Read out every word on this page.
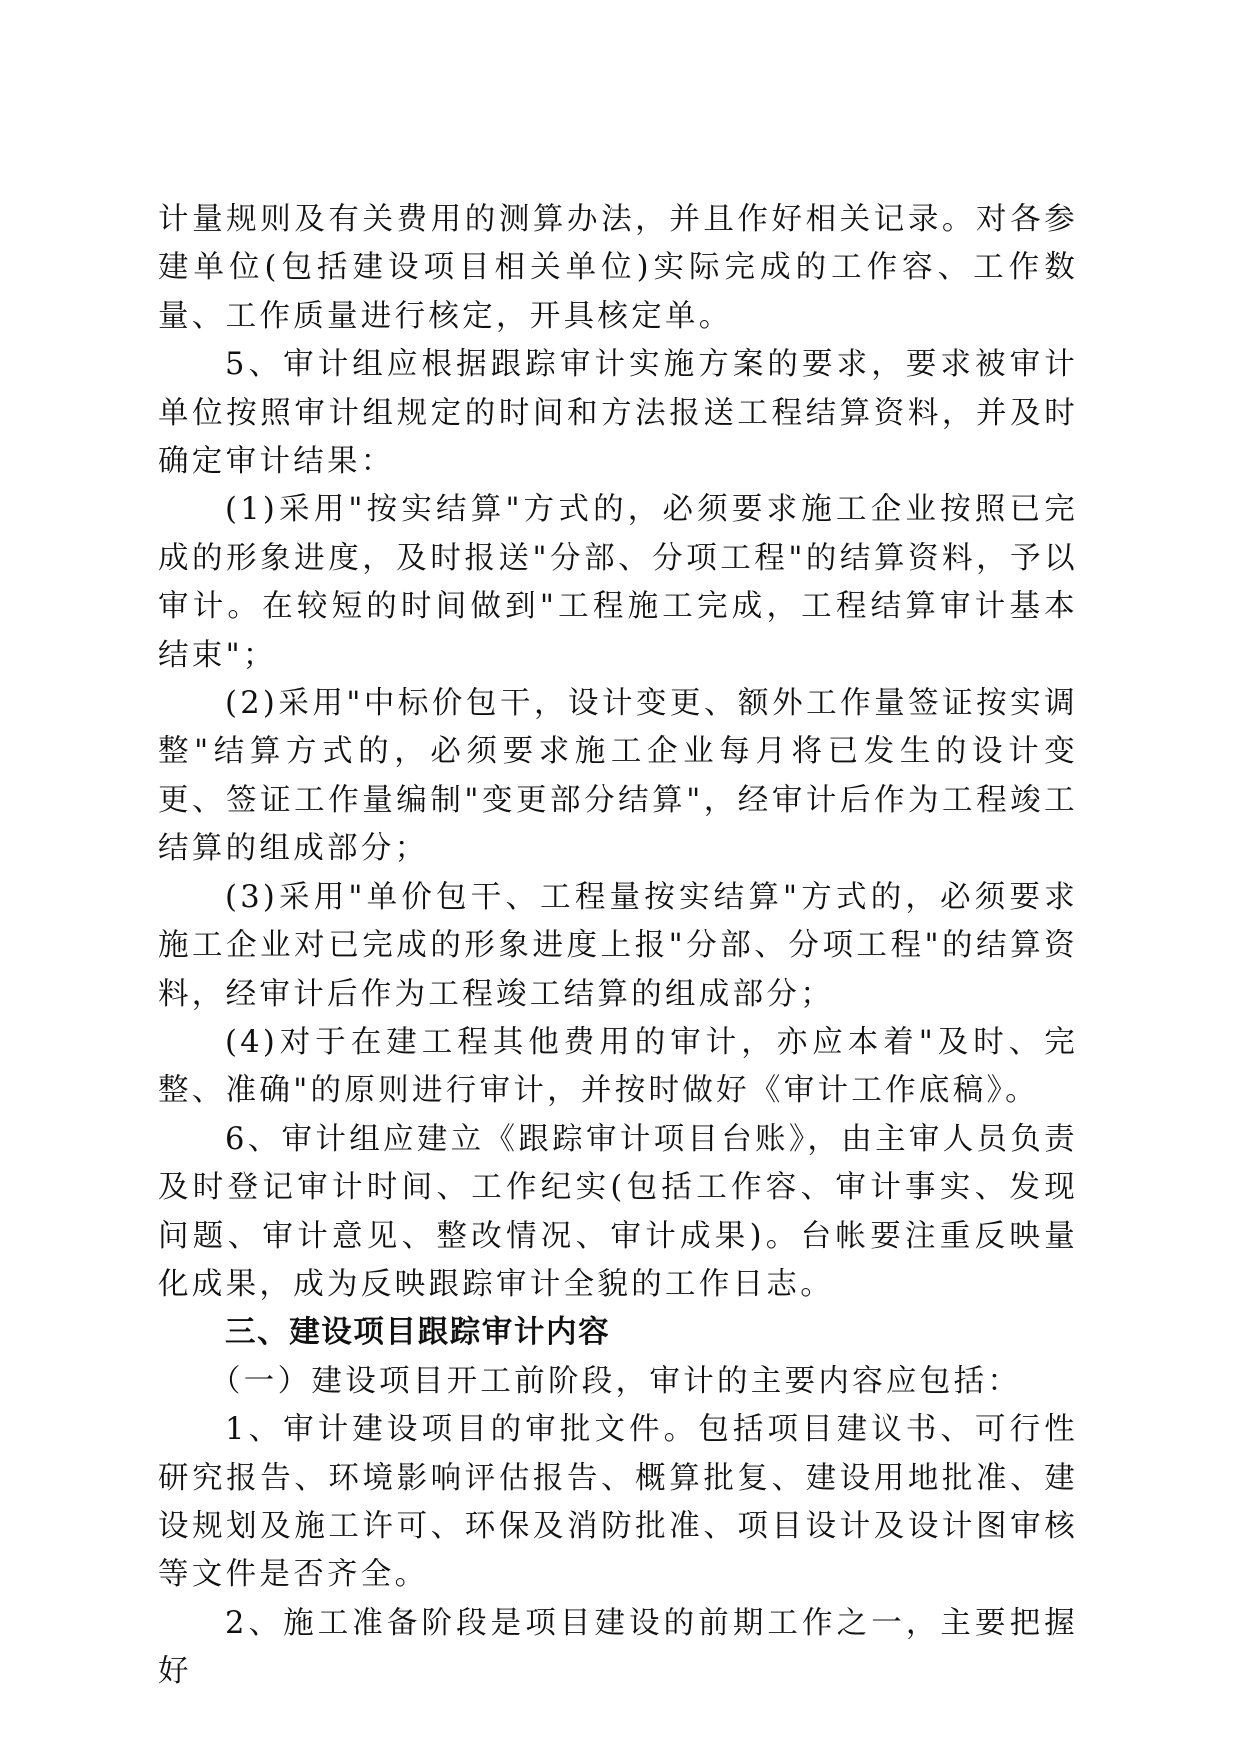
计量规则及有关费用的测算办法，并且作好相关记录。对各参建单位(包括建设项目相关单位)实际完成的工作容、工作数量、工作质量进行核定，开具核定单。

5、审计组应根据跟踪审计实施方案的要求，要求被审计单位按照审计组规定的时间和方法报送工程结算资料，并及时确定审计结果：

(1)采用"按实结算"方式的，必须要求施工企业按照已完成的形象进度，及时报送"分部、分项工程"的结算资料，予以审计。在较短的时间做到"工程施工完成，工程结算审计基本结束"；

(2)采用"中标价包干，设计变更、额外工作量签证按实调整"结算方式的，必须要求施工企业每月将已发生的设计变更、签证工作量编制"变更部分结算"，经审计后作为工程竣工结算的组成部分；

(3)采用"单价包干、工程量按实结算"方式的，必须要求施工企业对已完成的形象进度上报"分部、分项工程"的结算资料，经审计后作为工程竣工结算的组成部分；

(4)对于在建工程其他费用的审计，亦应本着"及时、完整、准确"的原则进行审计，并按时做好《审计工作底稿》。

6、审计组应建立《跟踪审计项目台账》，由主审人员负责及时登记审计时间、工作纪实(包括工作容、审计事实、发现问题、审计意见、整改情况、审计成果)。台帐要注重反映量化成果，成为反映跟踪审计全貌的工作日志。

三、建设项目跟踪审计内容

（一）建设项目开工前阶段，审计的主要内容应包括：

1、审计建设项目的审批文件。包括项目建议书、可行性研究报告、环境影响评估报告、概算批复、建设用地批准、建设规划及施工许可、环保及消防批准、项目设计及设计图审核等文件是否齐全。

2、施工准备阶段是项目建设的前期工作之一，主要把握好
